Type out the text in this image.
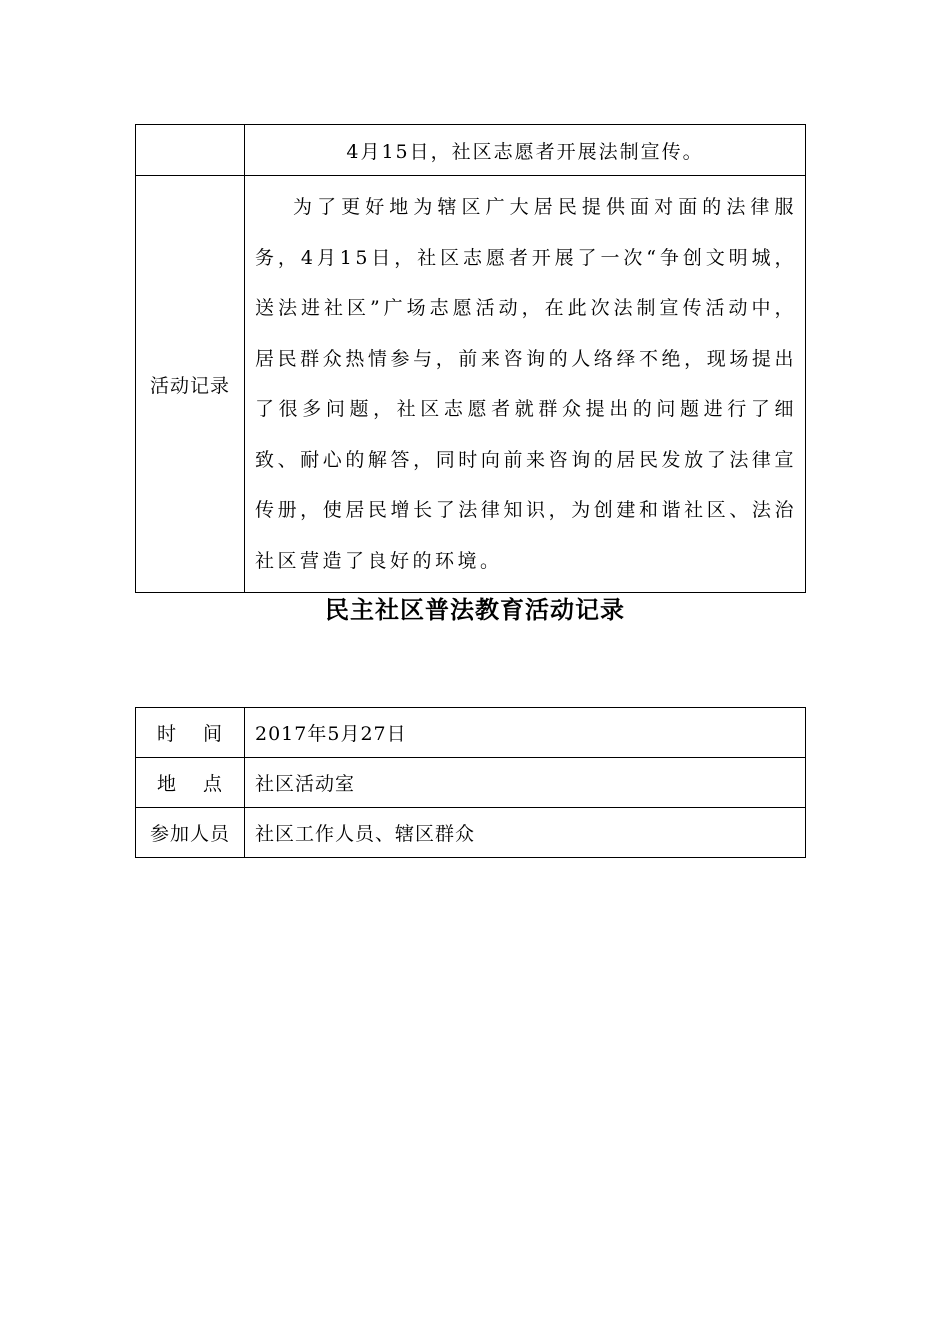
	4月15日，社区志愿者开展法制宣传。
活动记录	为了更好地为辖区广大居民提供面对面的法律服务，4月15日，社区志愿者开展了一次“争创文明城，送法进社区”广场志愿活动，在此次法制宣传活动中，居民群众热情参与，前来咨询的人络绎不绝，现场提出了很多问题，社区志愿者就群众提出的问题进行了细致、耐心的解答，同时向前来咨询的居民发放了法律宣传册，使居民增长了法律知识，为创建和谐社区、法治社区营造了良好的环境。
民主社区普法教育活动记录
时 间	2017年5月27日
地 点	社区活动室
参加人员	社区工作人员、辖区群众
